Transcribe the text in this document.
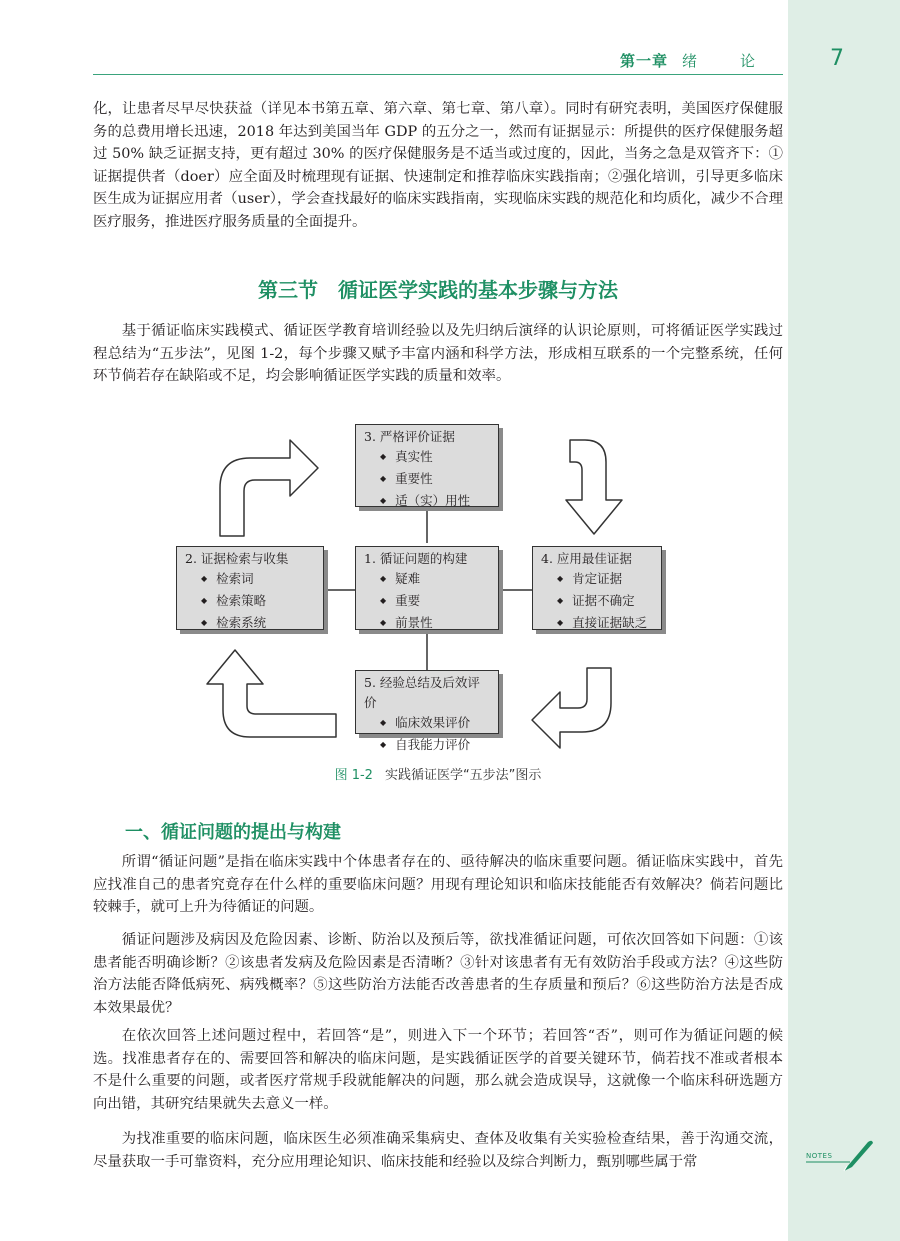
第一章 绪　论	7
化，让患者尽早尽快获益（详见本书第五章、第六章、第七章、第八章）。同时有研究表明，美国医疗保健服务的总费用增长迅速，2018 年达到美国当年 GDP 的五分之一，然而有证据显示：所提供的医疗保健服务超过 50% 缺乏证据支持，更有超过 30% 的医疗保健服务是不适当或过度的，因此，当务之急是双管齐下：①证据提供者（doer）应全面及时梳理现有证据、快速制定和推荐临床实践指南；②强化培训，引导更多临床医生成为证据应用者（user），学会查找最好的临床实践指南，实现临床实践的规范化和均质化，减少不合理医疗服务，推进医疗服务质量的全面提升。
第三节　循证医学实践的基本步骤与方法
基于循证临床实践模式、循证医学教育培训经验以及先归纳后演绎的认识论原则，可将循证医学实践过程总结为“五步法”，见图 1-2，每个步骤又赋予丰富内涵和科学方法，形成相互联系的一个完整系统，任何环节倘若存在缺陷或不足，均会影响循证医学实践的质量和效率。
3. 严格评价证据
◆ 真实性
◆ 重要性
◆ 适（实）用性
2. 证据检索与收集
◆ 检索词
◆ 检索策略
◆ 检索系统
1. 循证问题的构建
◆ 疑难
◆ 重要
◆ 前景性
4. 应用最佳证据
◆ 肯定证据
◆ 证据不确定
◆ 直接证据缺乏
5. 经验总结及后效评价
◆ 临床效果评价
◆ 自我能力评价
图 1-2 实践循证医学“五步法”图示
一、循证问题的提出与构建
所谓“循证问题”是指在临床实践中个体患者存在的、亟待解决的临床重要问题。循证临床实践中，首先应找准自己的患者究竟存在什么样的重要临床问题？用现有理论知识和临床技能能否有效解决？倘若问题比较棘手，就可上升为待循证的问题。
循证问题涉及病因及危险因素、诊断、防治以及预后等，欲找准循证问题，可依次回答如下问题：①该患者能否明确诊断？②该患者发病及危险因素是否清晰？③针对该患者有无有效防治手段或方法？④这些防治方法能否降低病死、病残概率？⑤这些防治方法能否改善患者的生存质量和预后？⑥这些防治方法是否成本效果最优？
在依次回答上述问题过程中，若回答“是”，则进入下一个环节；若回答“否”，则可作为循证问题的候选。找准患者存在的、需要回答和解决的临床问题，是实践循证医学的首要关键环节，倘若找不准或者根本不是什么重要的问题，或者医疗常规手段就能解决的问题，那么就会造成误导，这就像一个临床科研选题方向出错，其研究结果就失去意义一样。
为找准重要的临床问题，临床医生必须准确采集病史、查体及收集有关实验检查结果，善于沟通交流，尽量获取一手可靠资料，充分应用理论知识、临床技能和经验以及综合判断力，甄别哪些属于常	NOTES
